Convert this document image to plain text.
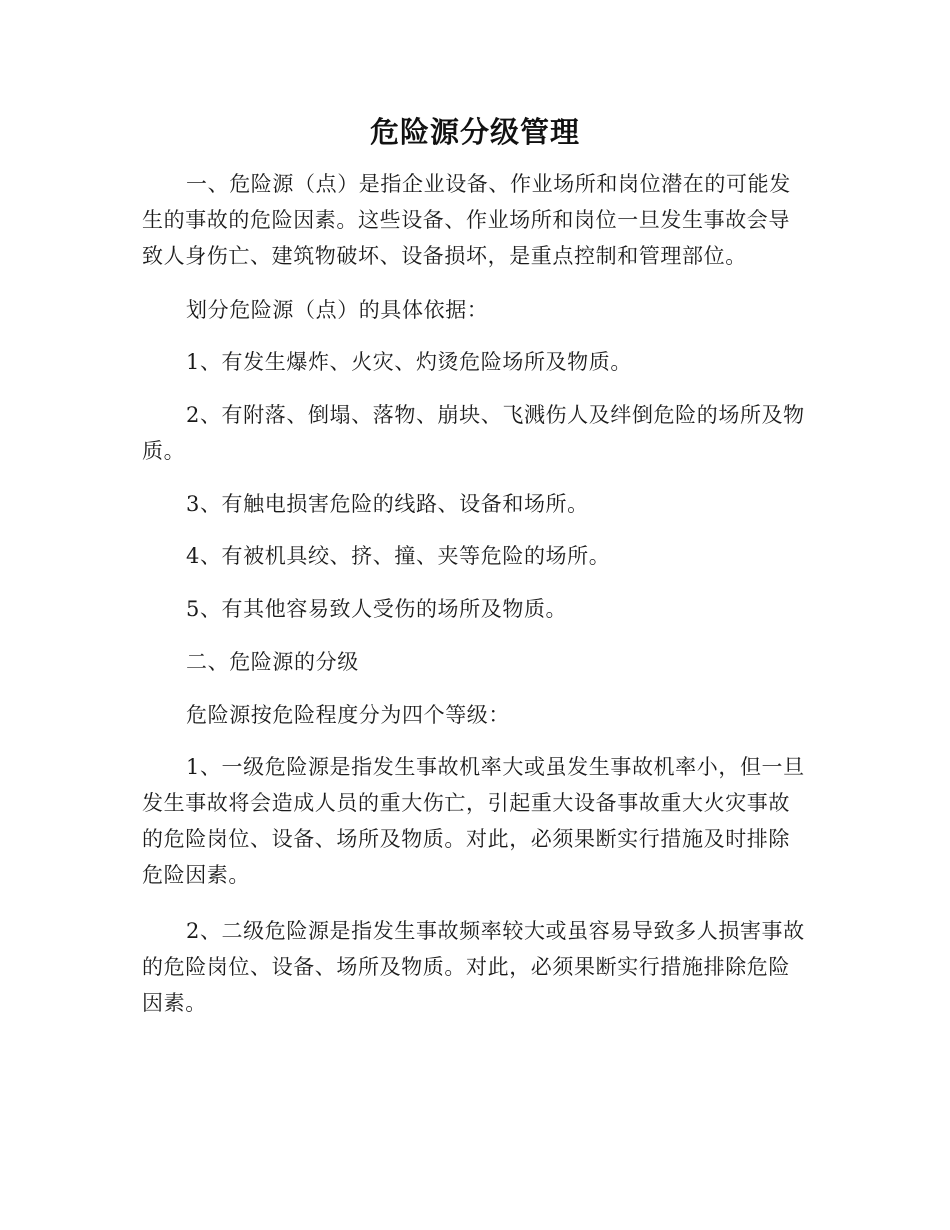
危险源分级管理

一、危险源（点）是指企业设备、作业场所和岗位潜在的可能发生的事故的危险因素。这些设备、作业场所和岗位一旦发生事故会导致人身伤亡、建筑物破坏、设备损坏，是重点控制和管理部位。

划分危险源（点）的具体依据：

1、有发生爆炸、火灾、灼烫危险场所及物质。

2、有附落、倒塌、落物、崩块、飞溅伤人及绊倒危险的场所及物质。

3、有触电损害危险的线路、设备和场所。

4、有被机具绞、挤、撞、夹等危险的场所。

5、有其他容易致人受伤的场所及物质。

二、危险源的分级

危险源按危险程度分为四个等级：

1、一级危险源是指发生事故机率大或虽发生事故机率小，但一旦发生事故将会造成人员的重大伤亡，引起重大设备事故重大火灾事故的危险岗位、设备、场所及物质。对此，必须果断实行措施及时排除危险因素。

2、二级危险源是指发生事故频率较大或虽容易导致多人损害事故的危险岗位、设备、场所及物质。对此，必须果断实行措施排除危险因素。
